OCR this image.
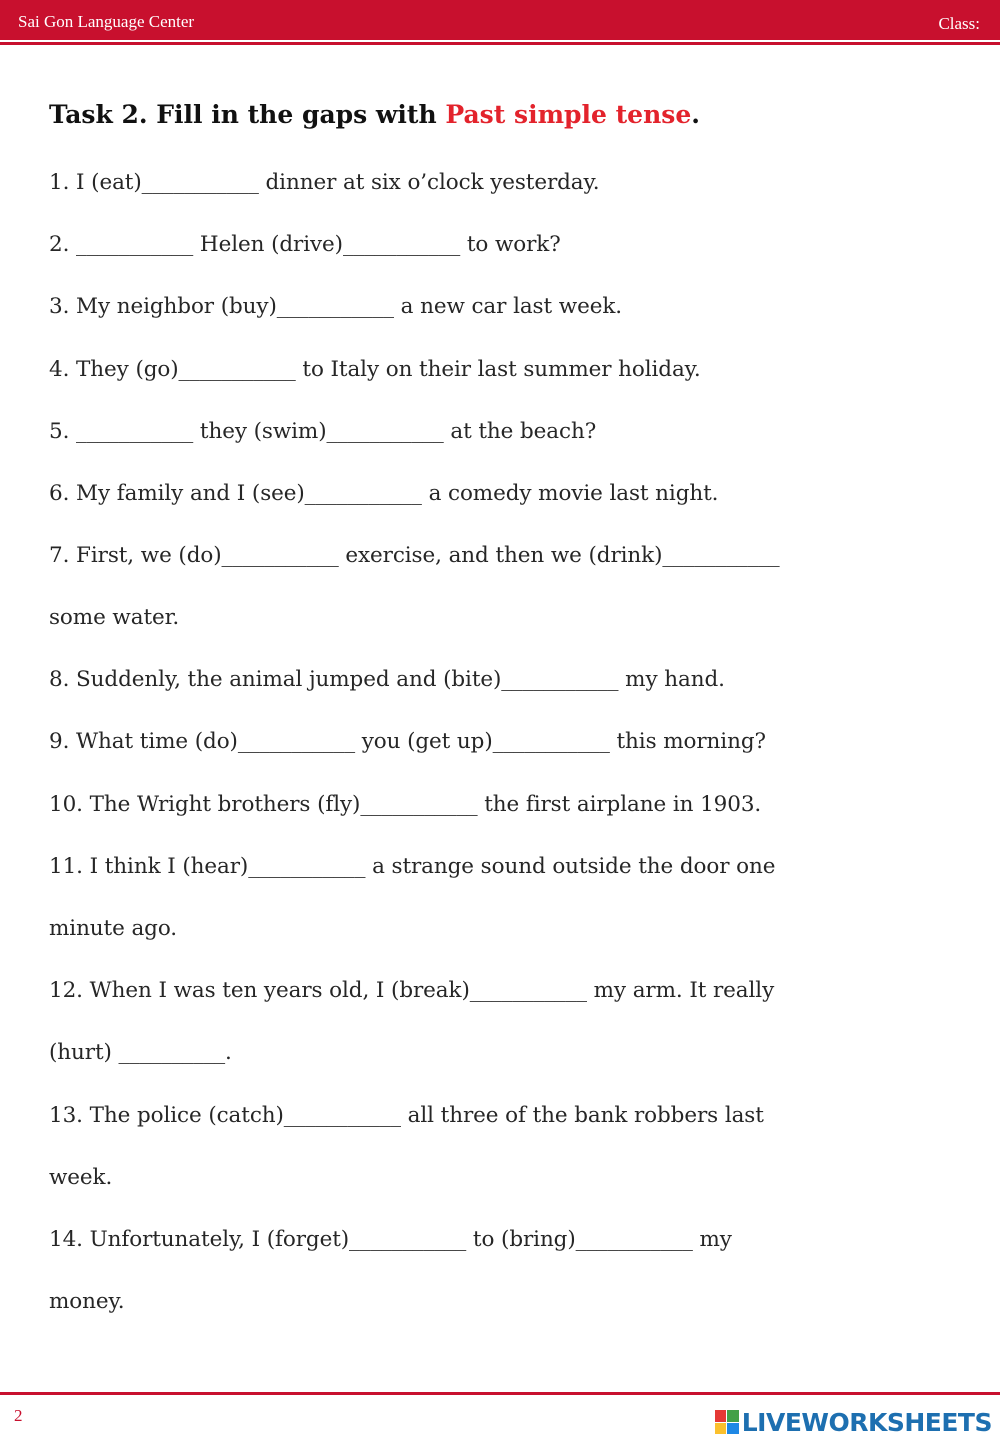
Sai Gon Language Center	Class:
Task 2. Fill in the gaps with Past simple tense.
1. I (eat)___________ dinner at six o’clock yesterday.
2. ___________ Helen (drive)___________ to work?
3. My neighbor (buy)___________ a new car last week.
4. They (go)___________ to Italy on their last summer holiday.
5. ___________ they (swim)___________ at the beach?
6. My family and I (see)___________ a comedy movie last night.
7. First, we (do)___________ exercise, and then we (drink)___________
some water.
8. Suddenly, the animal jumped and (bite)___________ my hand.
9. What time (do)___________ you (get up)___________ this morning?
10. The Wright brothers (fly)___________ the first airplane in 1903.
11. I think I (hear)___________ a strange sound outside the door one
minute ago.
12. When I was ten years old, I (break)___________ my arm. It really
(hurt) __________.
13. The police (catch)___________ all three of the bank robbers last
week.
14. Unfortunately, I (forget)___________ to (bring)___________ my
money.
2	LIVEWORKSHEETS
